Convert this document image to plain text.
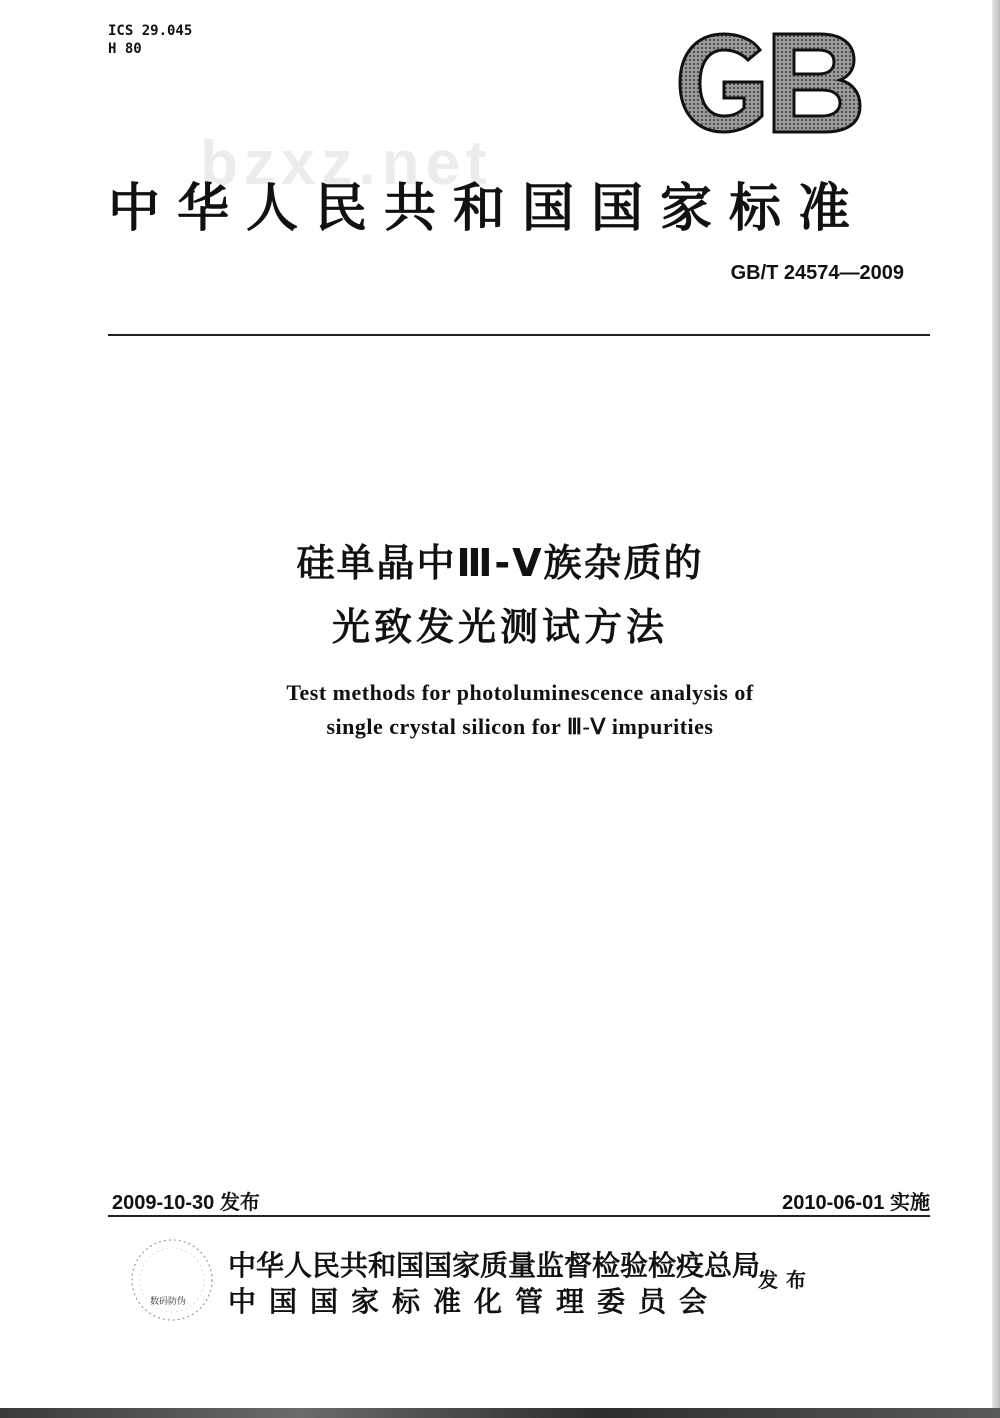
ICS 29.045
H 80
bzxz.net
中华人民共和国国家标准
GB/T 24574—2009
硅单晶中Ⅲ-Ⅴ族杂质的
光致发光测试方法
Test methods for photoluminescence analysis of
single crystal silicon for Ⅲ-Ⅴ impurities
2009-10-30 发布	2010-06-01 实施
数码防伪
中华人民共和国国家质量监督检验检疫总局
中国国家标准化管理委员会
发布
